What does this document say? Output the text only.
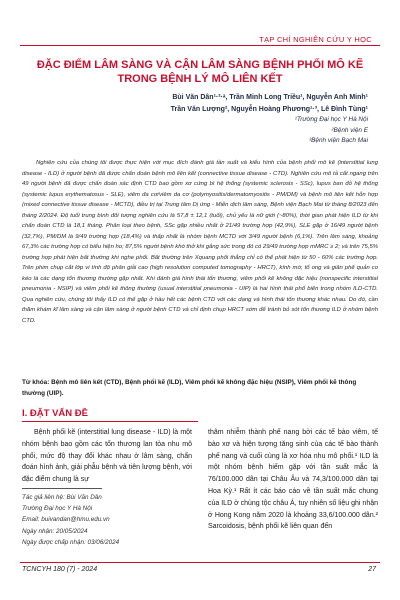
TẠP CHÍ NGHIÊN CỨU Y HỌC
ĐẶC ĐIỂM LÂM SÀNG VÀ CẬN LÂM SÀNG BỆNH PHỔI MÔ KẼ TRONG BỆNH LÝ MÔ LIÊN KẾT
Bùi Văn Dân¹·²·ᵃ, Trần Minh Long Triều¹, Nguyễn Anh Minh¹
Trần Văn Lượng², Nguyễn Hoàng Phương¹·³, Lê Đình Tùng¹
¹Trường Đại học Y Hà Nội
²Bệnh viện E
³Bệnh viện Bạch Mai
Nghiên cứu của chúng tôi được thực hiện với mục đích đánh giá tần suất và kiểu hình của bệnh phổi mô kẽ (interstitial lung disease - ILD) ở người bệnh đã được chẩn đoán bệnh mô liên kết (connective tissue disease - CTD). Nghiên cứu mô tả cắt ngang trên 49 người bệnh đã được chẩn đoán xác định CTD bao gồm xơ cứng bì hệ thống (systemic sclerosis - SSc), lupus ban đỏ hệ thống (systemic lupus erythematosus - SLE), viêm đa cơ/viêm da cơ (polymyositis/dermatomyositis - PM/DM) và bệnh mô liên kết hỗn hợp (mixed connective tissue disease - MCTD), điều trị tại Trung tâm Dị ứng - Miễn dịch lâm sàng, Bệnh viện Bạch Mai từ tháng 8/2023 đến tháng 2/2024. Độ tuổi trung bình đối tượng nghiên cứu là 57,8 ± 12,1 (tuổi), chủ yếu là nữ giới (~80%), thời gian phát hiện ILD từ khi chẩn đoán CTD là 18,1 tháng. Phân loại theo bệnh, SSc gặp nhiều nhất ở 21/49 trường hợp (42,9%), SLE gặp ở 16/49 người bệnh (32,7%), PM/DM là 9/49 trường hợp (18,4%) và thấp nhất là nhóm bệnh MCTD với 3/49 người bệnh (6,1%). Trên lâm sàng, khoảng 67,3% các trường hợp có biểu hiện ho; 87,5% người bệnh khó thở khi gắng sức trong đó có 29/49 trường hợp mMRC ≥ 2; và trên 75,5% trường hợp phát hiện bất thường khi nghe phổi. Bất thường trên Xquang phổi thẳng chỉ có thể phát hiện từ 50 - 60% các trường hợp. Trên phim chụp cắt lớp vi tính độ phân giải cao (high resolution computed tomography - HRCT), kính mờ, tổ ong và giãn phế quản co kéo là các dạng tổn thương thường gặp nhất. Khi đánh giá hình thái tổn thương, viêm phổi kẽ không đặc hiệu (nonspecific interstitial pneumonia - NSIP) và viêm phổi kẽ thông thường (usual interstitial pneumonia - UIP) là hai hình thái phổ biến trong nhóm ILD-CTD. Qua nghiên cứu, chúng tôi thấy ILD có thể gặp ở hầu hết các bệnh CTD với các dạng và hình thái tổn thương khác nhau. Do đó, cần thăm khám kĩ lâm sàng và cận lâm sàng ở người bệnh CTD và chỉ định chụp HRCT sớm để tránh bỏ sót tổn thương ILD ở nhóm bệnh CTD.
Từ khóa: Bệnh mô liên kết (CTD), Bệnh phổi kẽ (ILD), Viêm phổi kẽ không đặc hiệu (NSIP), Viêm phổi kẽ thông thường (UIP).
I. ĐẶT VẤN ĐỀ
Bệnh phổi kẽ (interstitial lung disease - ILD) là một nhóm bệnh bao gồm các tổn thương lan tỏa nhu mô phổi, mức độ thay đổi khác nhau ở lâm sàng, chẩn đoán hình ảnh, giải phẫu bệnh và tiên lượng bệnh, với đặc điểm chung là sự
thâm nhiễm thành phế nang bởi các tế bào viêm, tế bào xơ và hiện tượng tăng sinh của các tế bào thành phế nang và cuối cùng là xơ hóa nhu mô phổi.¹ ILD là một nhóm bệnh hiếm gặp với tần suất mắc là 76/100.000 dân tại Châu Âu và 74,3/100.000 dân tại Hoa Kỳ.¹ Rất ít các báo cáo về tần suất mắc chung của ILD ở chủng tộc châu Á, tuy nhiên số liệu ghi nhận ở Hong Kong năm 2020 là khoảng 33,6/100.000 dân.² Sarcoidosis, bệnh phổi kẽ liên quan đến
Tác giả liên hệ: Bùi Văn Dân
Trường Đại học Y Hà Nội
Email: buivandan@hmu.edu.vn
Ngày nhận: 20/05/2024
Ngày được chấp nhận: 03/06/2024
TCNCYH 180 (7) - 2024	27
